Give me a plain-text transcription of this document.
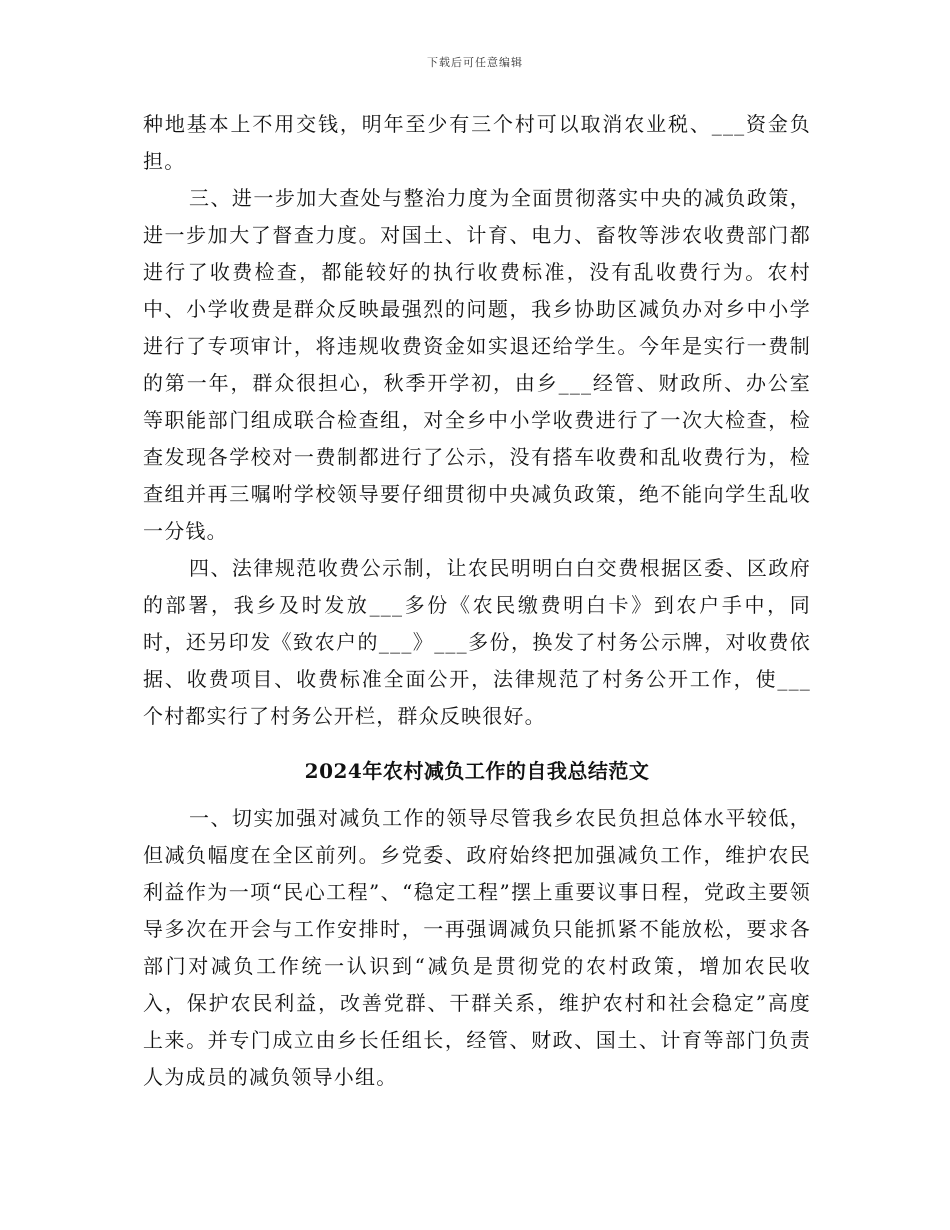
下载后可任意编辑

种地基本上不用交钱，明年至少有三个村可以取消农业税、___资金负担。

三、进一步加大查处与整治力度为全面贯彻落实中央的减负政策，进一步加大了督查力度。对国土、计育、电力、畜牧等涉农收费部门都进行了收费检查，都能较好的执行收费标准，没有乱收费行为。农村中、小学收费是群众反映最强烈的问题，我乡协助区减负办对乡中小学进行了专项审计，将违规收费资金如实退还给学生。今年是实行一费制的第一年，群众很担心，秋季开学初，由乡___经管、财政所、办公室等职能部门组成联合检查组，对全乡中小学收费进行了一次大检查，检查发现各学校对一费制都进行了公示，没有搭车收费和乱收费行为，检查组并再三嘱咐学校领导要仔细贯彻中央减负政策，绝不能向学生乱收一分钱。

四、法律规范收费公示制，让农民明明白白交费根据区委、区政府的部署，我乡及时发放___多份《农民缴费明白卡》到农户手中，同时，还另印发《致农户的___》___多份，换发了村务公示牌，对收费依据、收费项目、收费标准全面公开，法律规范了村务公开工作，使___个村都实行了村务公开栏，群众反映很好。

2024年农村减负工作的自我总结范文

一、切实加强对减负工作的领导尽管我乡农民负担总体水平较低，但减负幅度在全区前列。乡党委、政府始终把加强减负工作，维护农民利益作为一项“民心工程”、“稳定工程”摆上重要议事日程，党政主要领导多次在开会与工作安排时，一再强调减负只能抓紧不能放松，要求各部门对减负工作统一认识到“减负是贯彻党的农村政策，增加农民收入，保护农民利益，改善党群、干群关系，维护农村和社会稳定”高度上来。并专门成立由乡长任组长，经管、财政、国土、计育等部门负责人为成员的减负领导小组。
